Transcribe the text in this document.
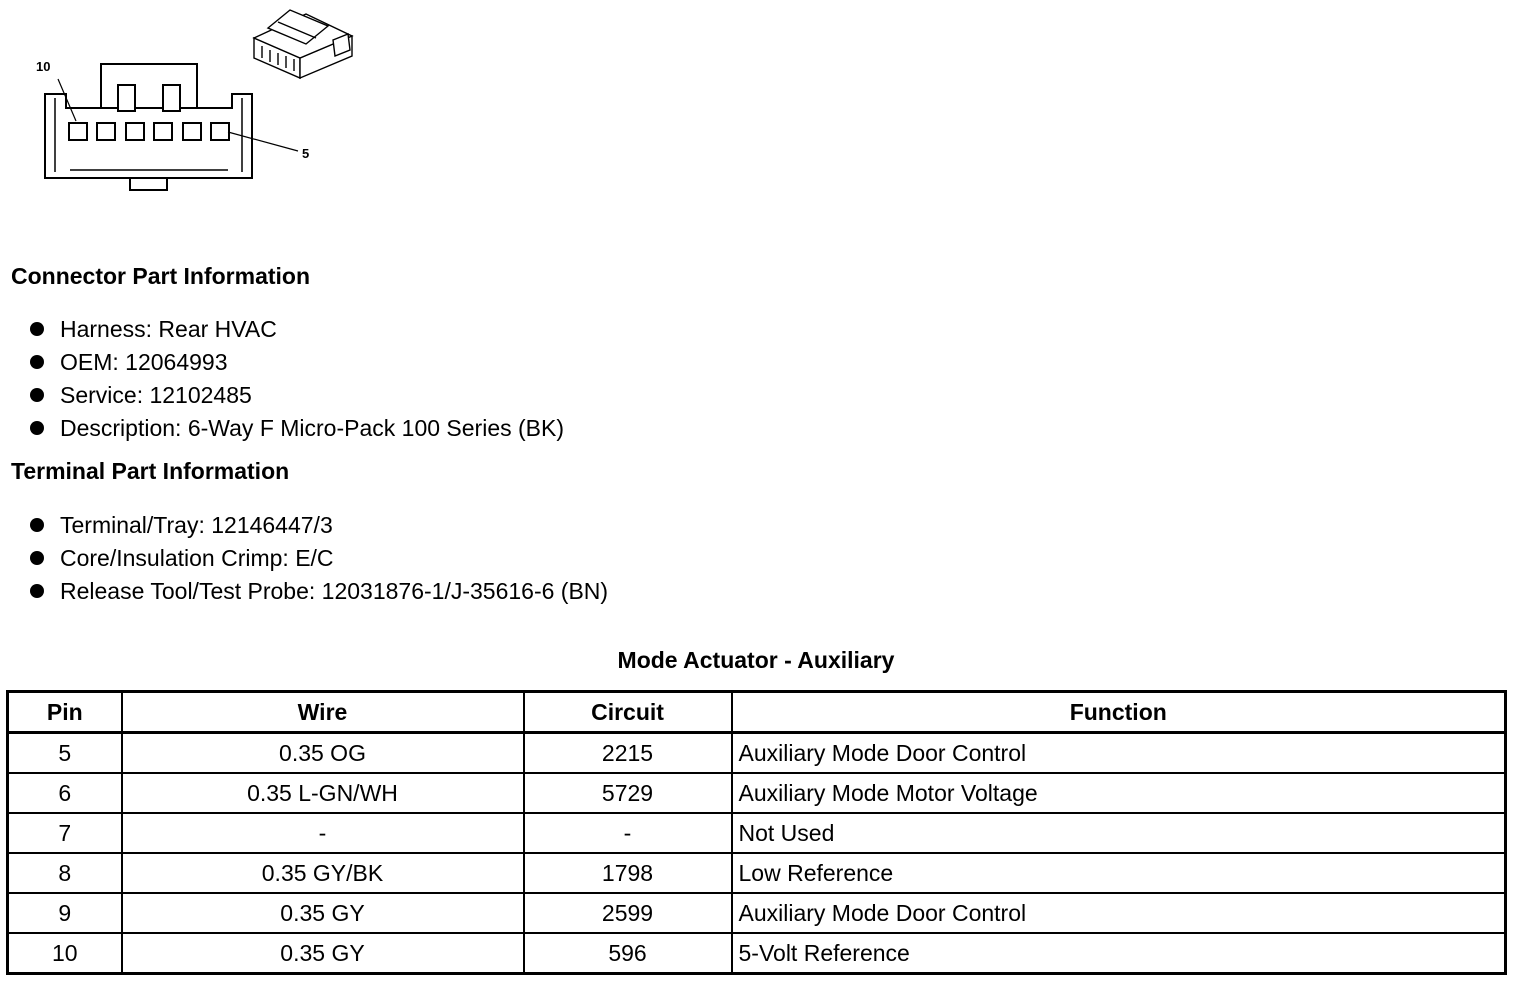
10
5
Connector Part Information
Harness: Rear HVAC
OEM: 12064993
Service: 12102485
Description: 6-Way F Micro-Pack 100 Series (BK)
Terminal Part Information
Terminal/Tray: 12146447/3
Core/Insulation Crimp: E/C
Release Tool/Test Probe: 12031876-1/J-35616-6 (BN)
Mode Actuator - Auxiliary
Pin	Wire	Circuit	Function
5	0.35 OG	2215	Auxiliary Mode Door Control
6	0.35 L-GN/WH	5729	Auxiliary Mode Motor Voltage
7	-	-	Not Used
8	0.35 GY/BK	1798	Low Reference
9	0.35 GY	2599	Auxiliary Mode Door Control
10	0.35 GY	596	5-Volt Reference
